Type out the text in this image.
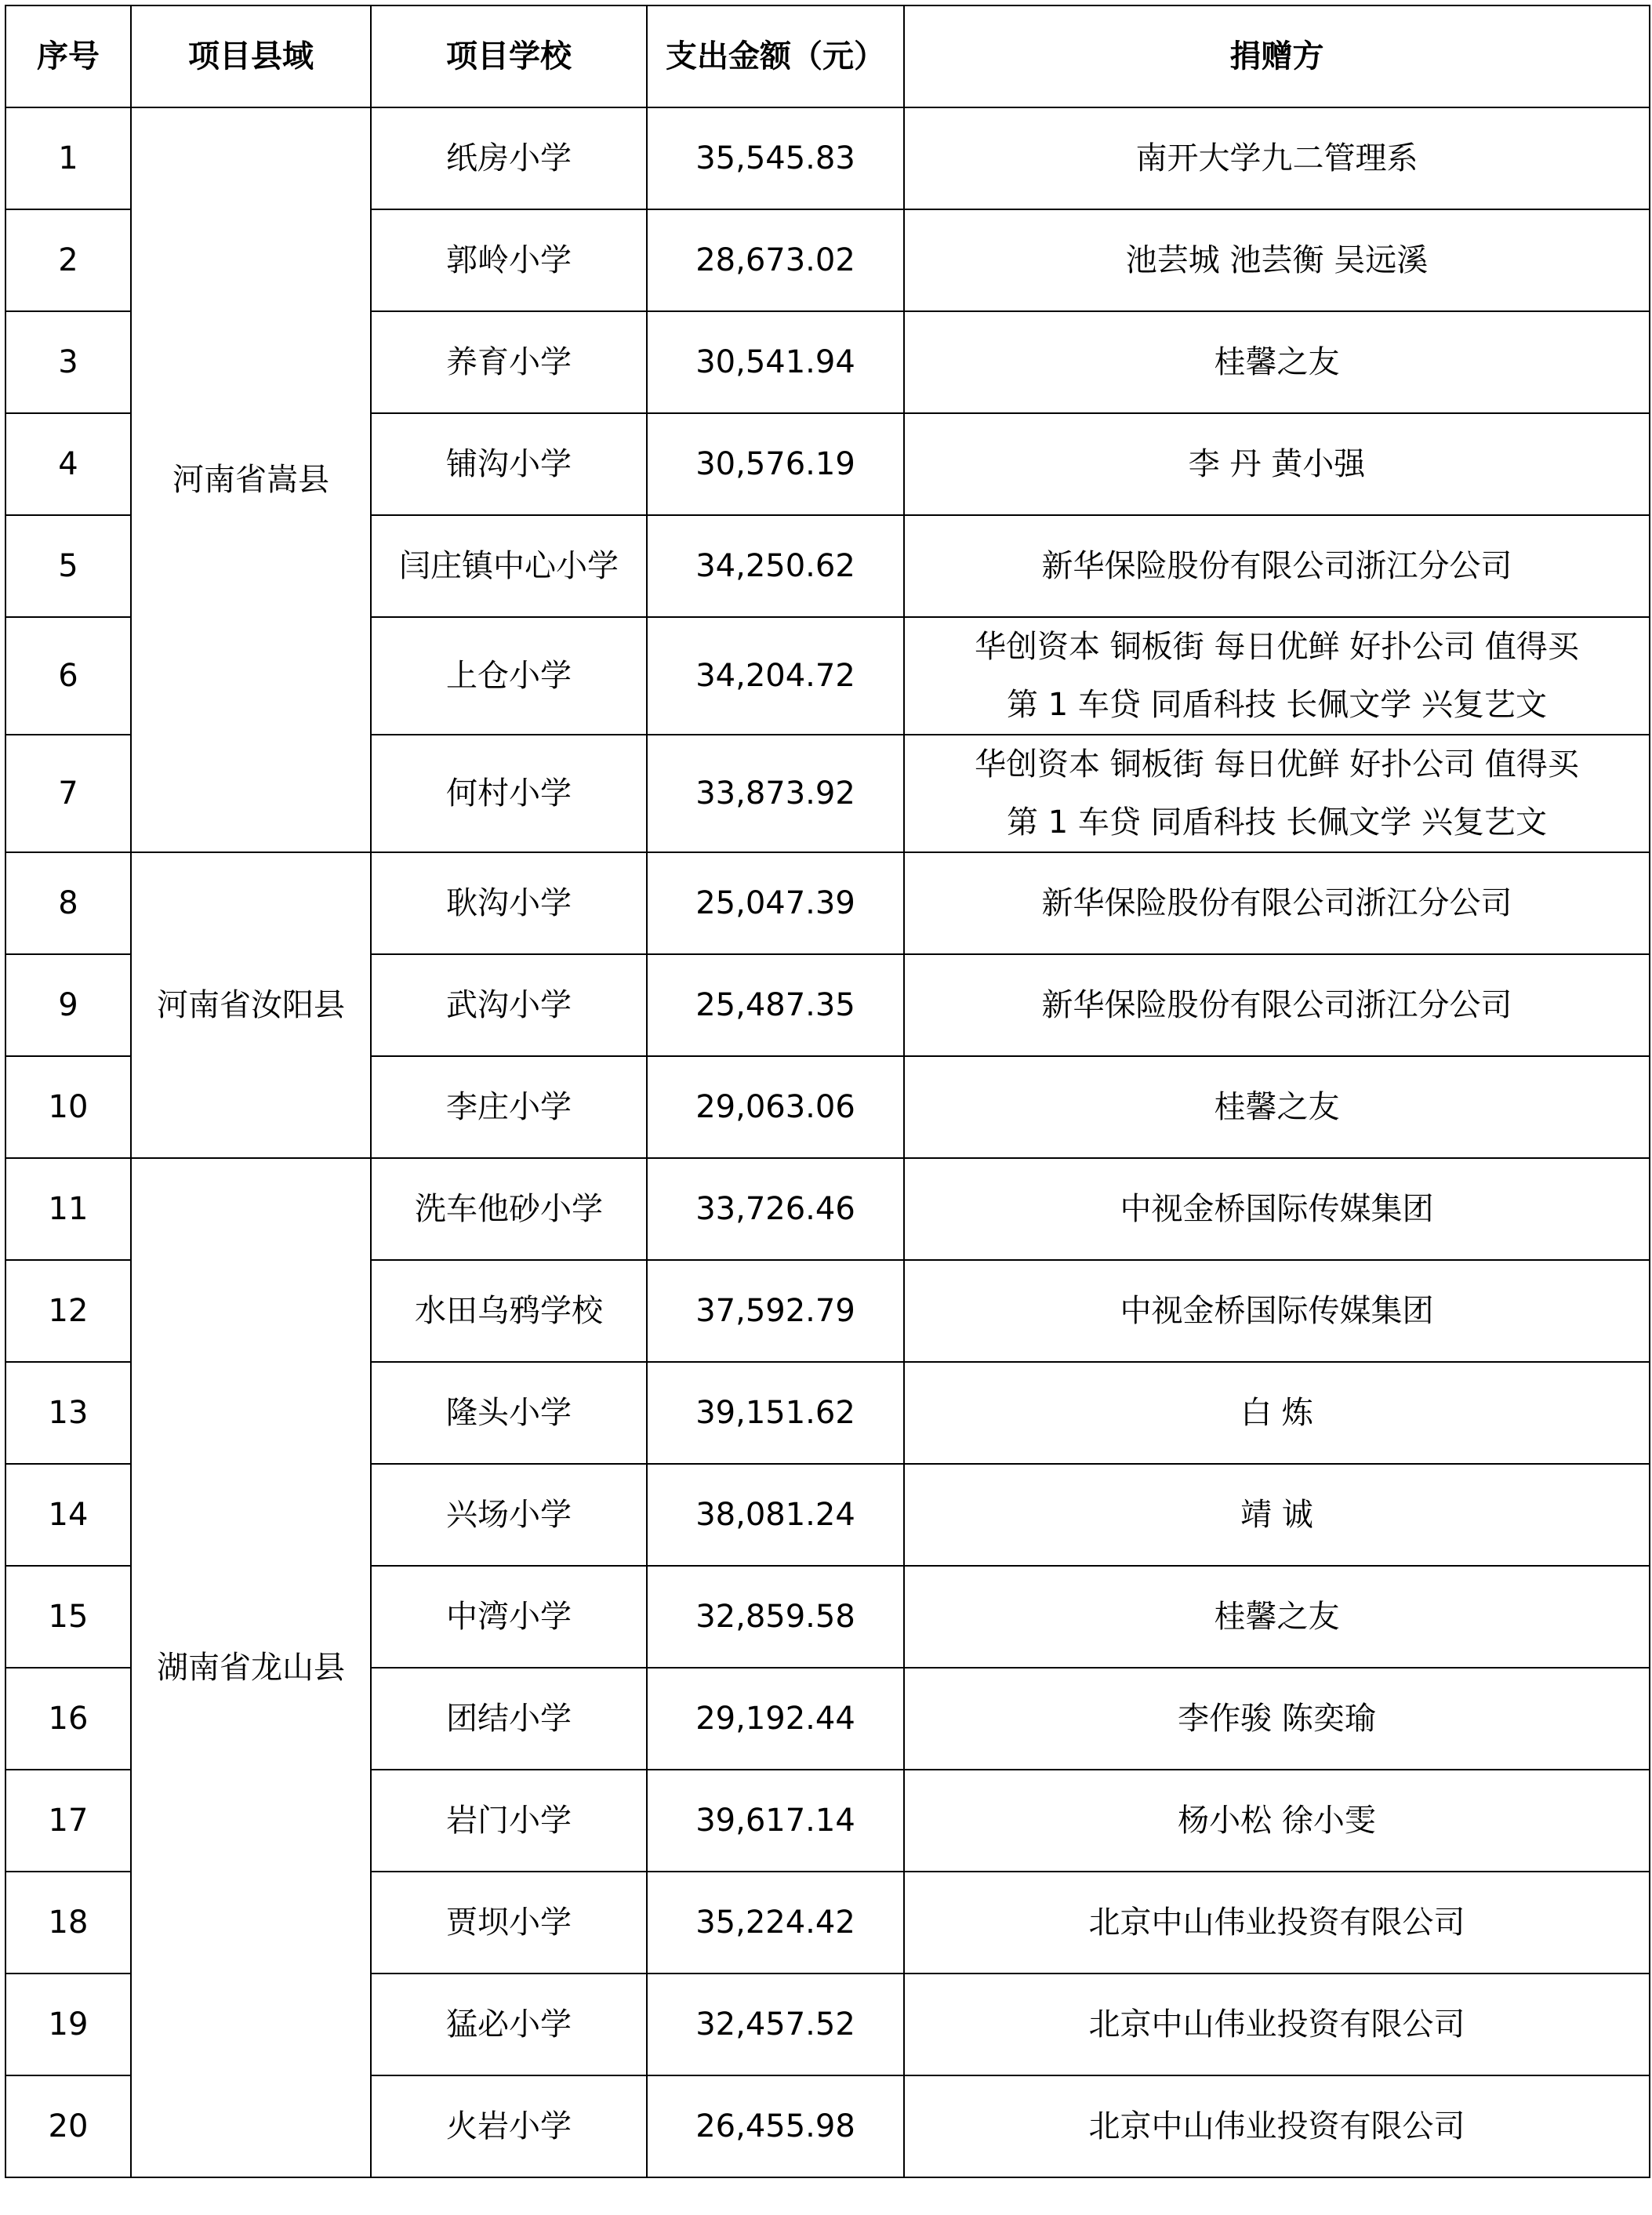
序号	项目县域	项目学校	支出金额（元）	捐赠方
1	河南省嵩县	纸房小学	35,545.83	南开大学九二管理系
2		郭岭小学	28,673.02	池芸城 池芸衡 吴远溪
3		养育小学	30,541.94	桂馨之友
4		铺沟小学	30,576.19	李 丹 黄小强
5		闫庄镇中心小学	34,250.62	新华保险股份有限公司浙江分公司
6		上仓小学	34,204.72	华创资本 铜板街 每日优鲜 好扑公司 值得买
第 1 车贷 同盾科技 长佩文学 兴复艺文

7		何村小学	33,873.92	华创资本 铜板街 每日优鲜 好扑公司 值得买
第 1 车贷 同盾科技 长佩文学 兴复艺文

8	河南省汝阳县	耿沟小学	25,047.39	新华保险股份有限公司浙江分公司
9		武沟小学	25,487.35	新华保险股份有限公司浙江分公司
10		李庄小学	29,063.06	桂馨之友
11	湖南省龙山县	洗车他砂小学	33,726.46	中视金桥国际传媒集团
12		水田乌鸦学校	37,592.79	中视金桥国际传媒集团
13		隆头小学	39,151.62	白 炼
14		兴场小学	38,081.24	靖 诚
15		中湾小学	32,859.58	桂馨之友
16		团结小学	29,192.44	李作骏 陈奕瑜
17		岩门小学	39,617.14	杨小松 徐小雯
18		贾坝小学	35,224.42	北京中山伟业投资有限公司
19		猛必小学	32,457.52	北京中山伟业投资有限公司
20		火岩小学	26,455.98	北京中山伟业投资有限公司
